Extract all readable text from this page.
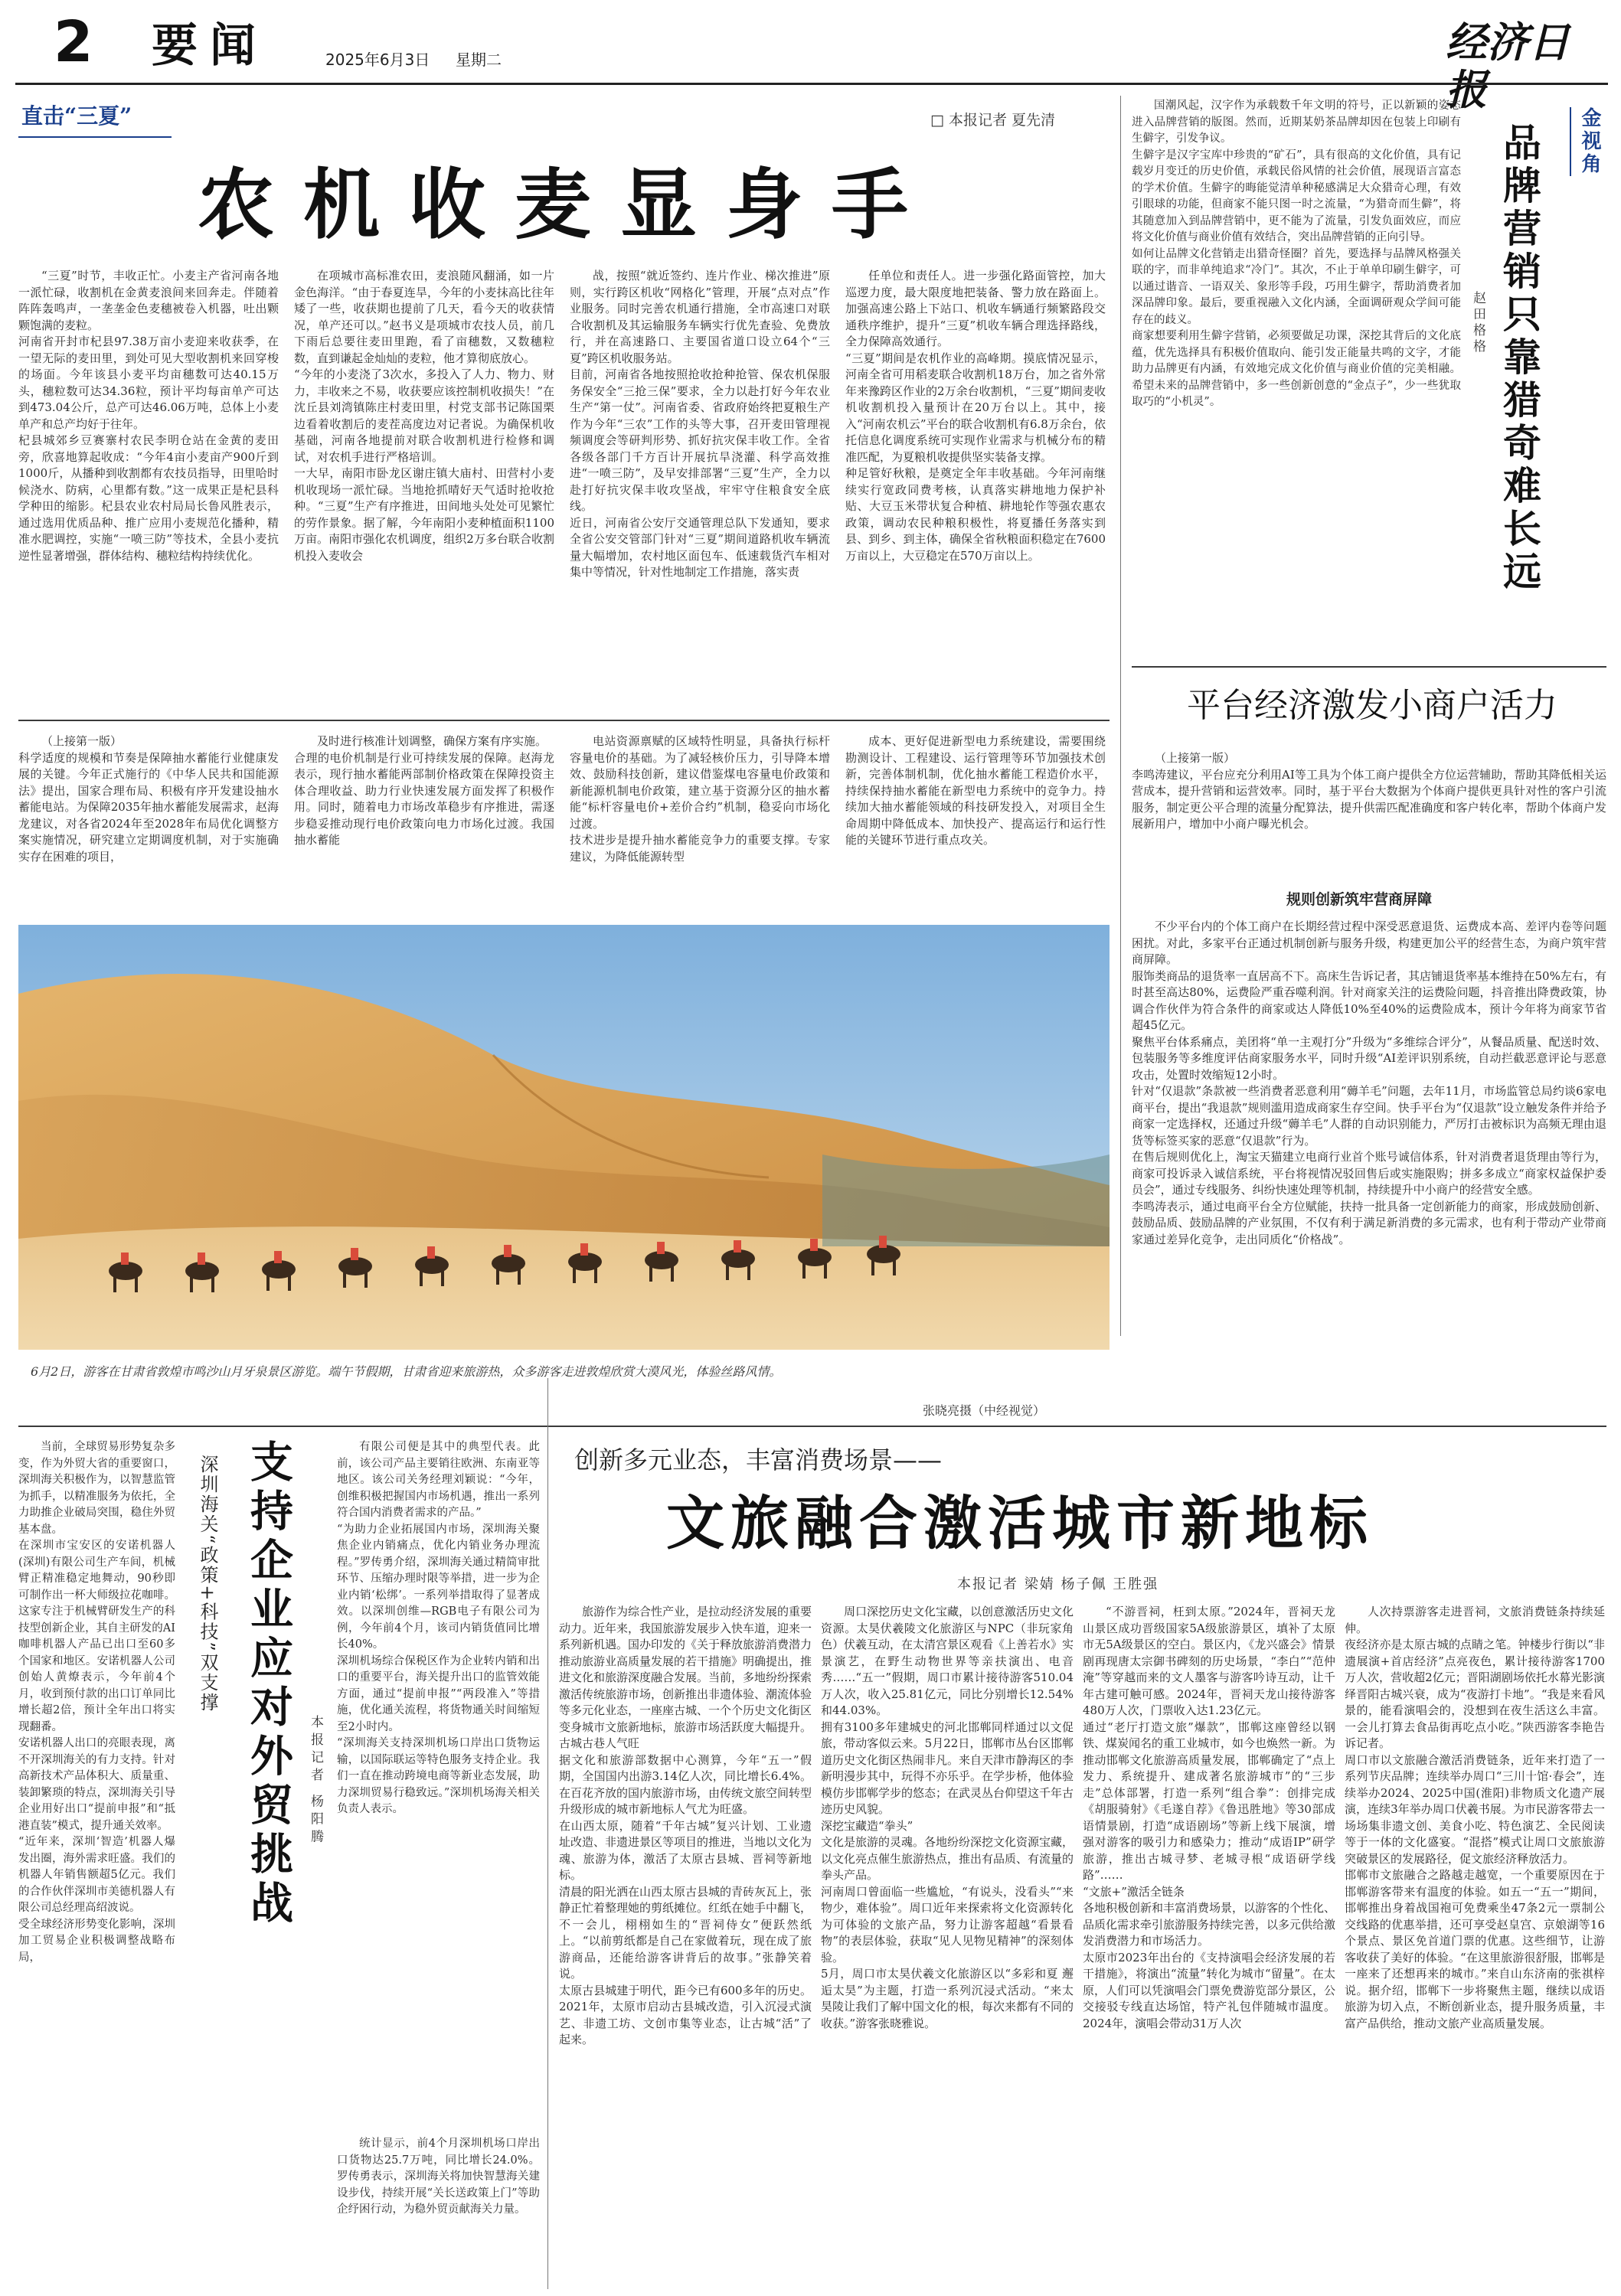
2 要闻	2025年6月3日 星期二	经济日报
直击“三夏”	□ 本报记者 夏先清
农机收麦显身手
“三夏”时节，丰收正忙。小麦主产省河南各地一派忙碌，收割机在金黄麦浪间来回奔走。伴随着阵阵轰鸣声，一垄垄金色麦穗被卷入机器，吐出颗颗饱满的麦粒。
河南省开封市杞县97.38万亩小麦迎来收获季，在一望无际的麦田里，到处可见大型收割机来回穿梭的场面。今年该县小麦平均亩穗数可达40.15万头，穗粒数可达34.36粒，预计平均每亩单产可达到473.04公斤，总产可达46.06万吨，总体上小麦单产和总产均好于往年。
杞县城郊乡豆赛寨村农民李明仓站在金黄的麦田旁，欣喜地算起收成：“今年4亩小麦亩产900斤到1000斤，从播种到收割都有农技员指导，田里哈时候浇水、防病，心里都有数。”这一成果正是杞县科学种田的缩影。杞县农业农村局局长鲁风胜表示，通过选用优质品种、推广应用小麦规范化播种，精准水肥调控，实施“一喷三防”等技术，全县小麦抗逆性显著增强，群体结构、穗粒结构持续优化。
在项城市高标准农田，麦浪随风翻涌，如一片金色海洋。“由于春夏连旱，今年的小麦抹高比往年矮了一些，收获期也提前了几天，看今天的收获情况，单产还可以。”赵书义是项城市农技人员，前几下雨后总要往麦田里跑，看了亩穗数，又数穗粒数，直到谦起金灿灿的麦粒，他才算彻底放心。
“今年的小麦浇了3次水，多投入了人力、物力、财力，丰收来之不易，收获要应该控制机收损失！”在沈丘县刘湾镇陈庄村麦田里，村党支部书记陈国栗边看着收割后的麦茬高度边对记者说。为确保机收基础，河南各地提前对联合收割机进行检修和调试，对农机手进行严格培训。
一大早，南阳市卧龙区谢庄镇大庙村、田营村小麦机收现场一派忙碌。当地抢抓晴好天气适时抢收抢种。“三夏”生产有序推进，田间地头处处可见繁忙的劳作景象。据了解，今年南阳小麦种植面积1100万亩。南阳市强化农机调度，组织2万多台联合收割机投入麦收会
战，按照“就近签约、连片作业、梯次推进”原则，实行跨区机收“网格化”管理，开展“点对点”作业服务。同时完善农机通行措施，全市高速口对联合收割机及其运输服务车辆实行优先查验、免费放行，并在高速路口、主要国省道口设立64个“三夏”跨区机收服务站。
目前，河南省各地按照抢收抢种抢管、保农机保服务保安全“三抢三保”要求，全力以赴打好今年农业生产“第一仗”。河南省委、省政府始终把夏粮生产作为今年“三农”工作的头等大事，召开麦田管理视频调度会等研判形势、抓好抗灾保丰收工作。全省各级各部门千方百计开展抗旱浇灌、科学高效推进“一喷三防”，及早安排部署“三夏”生产，全力以赴打好抗灾保丰收攻坚战，牢牢守住粮食安全底线。
近日，河南省公安厅交通管理总队下发通知，要求全省公安交管部门针对“三夏”期间道路机收车辆流量大幅增加，农村地区面包车、低速载货汽车相对集中等情况，针对性地制定工作措施，落实责
任单位和责任人。进一步强化路面管控，加大巡逻力度，最大限度地把装备、警力放在路面上。加强高速公路上下站口、机收车辆通行频繁路段交通秩序维护，提升“三夏”机收车辆合理选择路线，全力保障高效通行。
“三夏”期间是农机作业的高峰期。摸底情况显示，河南全省可用稻麦联合收割机18万台，加之省外常年来豫跨区作业的2万余台收割机，“三夏”期间麦收机收割机投入量预计在20万台以上。其中，接入“河南农机云”平台的联合收割机有6.8万余台，依托信息化调度系统可实现作业需求与机械分布的精准匹配，为夏粮机收提供坚实装备支撑。
种足管好秋粮，是奠定全年丰收基础。今年河南继续实行宽政同费考核，认真落实耕地地力保护补贴、大豆玉米带状复合种植、耕地轮作等强农惠农政策，调动农民种粮积极性，将夏播任务落实到县、到乡、到主体，确保全省秋粮面积稳定在7600万亩以上，大豆稳定在570万亩以上。
（上接第一版）
科学适度的规模和节奏是保障抽水蓄能行业健康发展的关键。今年正式施行的《中华人民共和国能源法》提出，国家合理布局、积极有序开发建设抽水蓄能电站。为保障2035年抽水蓄能发展需求，赵海龙建议，对各省2024年至2028年布局优化调整方案实施情况，研究建立定期调度机制，对于实施确实存在困难的项目，
及时进行核准计划调整，确保方案有序实施。
合理的电价机制是行业可持续发展的保障。赵海龙表示，现行抽水蓄能两部制价格政策在保障投资主体合理收益、助力行业快速发展方面发挥了积极作用。同时，随着电力市场改革稳步有序推进，需逐步稳妥推动现行电价政策向电力市场化过渡。我国抽水蓄能
电站资源禀赋的区域特性明显，具备执行标杆容量电价的基础。为了减轻核价压力，引导降本增效、鼓励科技创新，建议借鉴煤电容量电价政策和新能源机制电价政策，建立基于资源分区的抽水蓄能“标杆容量电价+差价合约”机制，稳妥向市场化过渡。
技术进步是提升抽水蓄能竞争力的重要支撑。专家建议，为降低能源转型
成本、更好促进新型电力系统建设，需要围绕勘测设计、工程建设、运行管理等环节加强技术创新，完善体制机制，优化抽水蓄能工程造价水平，持续保持抽水蓄能在新型电力系统中的竞争力。持续加大抽水蓄能领域的科技研发投入，对项目全生命周期中降低成本、加快投产、提高运行和运行性能的关键环节进行重点攻关。
6月2日，游客在甘肃省敦煌市鸣沙山月牙泉景区游览。端午节假期，甘肃省迎来旅游热，众多游客走进敦煌欣赏大漠风光，体验丝路风情。
张晓亮摄（中经视觉）
国潮风起，汉字作为承载数千年文明的符号，正以新颖的姿态进入品牌营销的版图。然而，近期某奶茶品牌却因在包装上印刷有生僻字，引发争议。
生僻字是汉字宝库中珍贵的“矿石”，具有很高的文化价值，具有记载岁月变迁的历史价值，承载民俗风情的社会价值，展现语言富态的学术价值。生僻字的晦能觉清单种秘感满足大众猎奇心理，有效引眼球的功能，但商家不能只图一时之流量，“为猎奇而生僻”，将其随意加入到品牌营销中，更不能为了流量，引发负面效应，而应将文化价值与商业价值有效结合，突出品牌营销的正向引导。
如何让品牌文化营销走出猎奇怪圈？首先，要选择与品牌风格强关联的字，而非单纯追求“冷门”。其次，不止于单单印刷生僻字，可以通过谐音、一语双关、象形等手段，巧用生僻字，帮助消费者加深品牌印象。最后，要重视融入文化内涵，全面调研观众学间可能存在的歧义。
商家想要利用生僻字营销，必须要做足功课，深挖其背后的文化底蕴，优先选择具有积极价值取向、能引发正能量共鸣的文字，才能助力品牌更有内涵，有效地完成文化价值与商业价值的完美相融。希望未来的品牌营销中，多一些创新创意的“金点子”，少一些犹取取巧的“小机灵”。
金视角
品牌营销只靠猎奇难长远
赵田格格
平台经济激发小商户活力
（上接第一版）
李鸣涛建议，平台应充分利用AI等工具为个体工商户提供全方位运营辅助，帮助其降低相关运营成本，提升营销和运营效率。同时，基于平台大数据为个体商户提供更具针对性的客户引流服务，制定更公平合理的流量分配算法，提升供需匹配准确度和客户转化率，帮助个体商户发展新用户，增加中小商户曝光机会。
规则创新筑牢营商屏障
不少平台内的个体工商户在长期经营过程中深受恶意退货、运费成本高、差评内卷等问题困扰。对此，多家平台正通过机制创新与服务升级，构建更加公平的经营生态，为商户筑牢营商屏障。
服饰类商品的退货率一直居高不下。高床生告诉记者，其店铺退货率基本维持在50%左右，有时甚至高达80%，运费险严重吞噬利润。针对商家关注的运费险问题，抖音推出降费政策，协调合作伙伴为符合条件的商家或达人降低10%至40%的运费险成本，预计今年将为商家节省超45亿元。
聚焦平台体系痛点，美团将“单一主观打分”升级为“多维综合评分”，从餐品质量、配送时效、包装服务等多维度评估商家服务水平，同时升级“AI差评识别系统，自动拦截恶意评论与恶意攻击，处置时效缩短12小时。
针对“仅退款”条款被一些消费者恶意利用“薅羊毛”问题，去年11月，市场监管总局约谈6家电商平台，提出“我退款”规则滥用造成商家生存空间。快手平台为“仅退款”设立触发条件并给予商家一定选择权，还通过升级“薅羊毛”人群的自动识别能力，严厉打击被标识为高频无理由退货等标签买家的恶意“仅退款”行为。
在售后规则优化上，淘宝天猫建立电商行业首个账号诚信体系，针对消费者退货理由等行为，商家可投诉录入诚信系统，平台将视情况驳回售后或实施限购；拼多多成立“商家权益保护委员会”，通过专线服务、纠纷快速处理等机制，持续提升中小商户的经营安全感。
李鸣涛表示，通过电商平台全方位赋能，扶持一批具备一定创新能力的商家，形成鼓励创新、鼓励品质、鼓励品牌的产业氛围，不仅有利于满足新消费的多元需求，也有利于带动产业带商家通过差异化竞争，走出同质化“价格战”。
当前，全球贸易形势复杂多变，作为外贸大省的重要窗口，深圳海关积极作为，以智慧监管为抓手，以精准服务为依托，全力助推企业破局突围，稳住外贸基本盘。
在深圳市宝安区的安诺机器人(深圳)有限公司生产车间，机械臂正精准稳定地舞动，90秒即可制作出一杯大师级拉花咖啡。这家专注于机械臂研发生产的科技型创新企业，其自主研发的AI咖啡机器人产品已出口至60多个国家和地区。安诺机器人公司创始人黄燎表示，今年前4个月，收到预付款的出口订单同比增长超2倍，预计全年出口将实现翻番。
安诺机器人出口的亮眼表现，离不开深圳海关的有力支持。针对高新技术产品体积大、质量重、装卸繁琐的特点，深圳海关引导企业用好出口“提前申报”和“抵港直装”模式，提升通关效率。
“近年来，深圳‘智造’机器人爆发出圈，海外需求旺盛。我们的机器人年销售额超5亿元。我们的合作伙伴深圳市美德机器人有限公司总经理高绍波说。
受全球经济形势变化影响，深圳加工贸易企业积极调整战略布局，
深圳海关“政策+科技”双支撑 支持企业应对外贸挑战	本报记者 杨阳腾
有限公司便是其中的典型代表。此前，该公司产品主要销往欧洲、东南亚等地区。该公司关务经理刘颖说：“今年，创维积极把握国内市场机遇，推出一系列符合国内消费者需求的产品。”
“为助力企业拓展国内市场，深圳海关聚焦企业内销痛点，优化内销业务办理流程。”罗传勇介绍，深圳海关通过精简审批环节、压缩办理时限等举措，进一步为企业内销‘松绑’。一系列举措取得了显著成效。以深圳创维—RGB电子有限公司为例，今年前4个月，该司内销货值同比增长40%。
深圳机场综合保税区作为企业转内销和出口的重要平台，海关提升出口的监管效能方面，通过“提前申报”“两段准入”等措施，优化通关流程，将货物通关时间缩短至2小时内。
“深圳海关支持深圳机场口岸出口货物运输，以国际联运等特色服务支持企业。我们一直在推动跨境电商等新业态发展，助力深圳贸易行稳致远。”深圳机场海关相关负责人表示。
统计显示，前4个月深圳机场口岸出口货物达25.7万吨，同比增长24.0%。罗传勇表示，深圳海关将加快智慧海关建设步伐，持续开展“关长送政策上门”等助企纾困行动，为稳外贸贡献海关力量。
创新多元业态，丰富消费场景——
文旅融合激活城市新地标
本报记者 梁婧 杨子佩 王胜强
旅游作为综合性产业，是拉动经济发展的重要动力。近年来，我国旅游发展步入快车道，迎来一系列新机遇。国办印发的《关于释放旅游消费潜力推动旅游业高质量发展的若干措施》明确提出，推进文化和旅游深度融合发展。当前，多地纷纷探索激活传统旅游市场，创新推出非遗体验、潮流体验等多元化业态，一座座古城、一个个历史文化街区变身城市文旅新地标，旅游市场活跃度大幅提升。
古城古巷人气旺
据文化和旅游部数据中心测算，今年“五一”假期，全国国内出游3.14亿人次，同比增长6.4%。在百花齐放的国内旅游市场，由传统文旅空间转型升级形成的城市新地标人气尤为旺盛。
在山西太原，随着“千年古城”复兴计划、工业遗址改造、非遗进景区等项目的推进，当地以文化为魂、旅游为体，激活了太原古县城、晋祠等新地标。
清晨的阳光洒在山西太原古县城的青砖灰瓦上，张静正忙着整理她的剪纸摊位。红纸在她手中翻飞，不一会儿，栩栩如生的“晋祠侍女”便跃然纸上。“以前剪纸都是自己在家做着玩，现在成了旅游商品，还能给游客讲背后的故事。”张静笑着说。
太原古县城建于明代，距今已有600多年的历史。2021年，太原市启动古县城改造，引入沉浸式演艺、非遗工坊、文创市集等业态，让古城“活”了起来。
周口深挖历史文化宝藏，以创意激活历史文化资源。太昊伏羲陵文化旅游区与NPC（非玩家角色）伏羲互动，在太清宫景区观看《上善若水》实景演艺，在野生动物世界等亲扶演出、电音秀……“五一”假期，周口市累计接待游客510.04万人次，收入25.81亿元，同比分别增长12.54%和44.03%。
拥有3100多年建城史的河北邯郸同样通过以文促旅，带动客似云来。5月22日，邯郸市丛台区邯郸道历史文化街区热闹非凡。来自天津市静海区的李新明漫步其中，玩得不亦乐乎。在学步桥，他体验模仿步邯郸学步的悠态；在武灵丛台仰望这千年古迹历史风貌。
深挖宝藏造“拳头”
文化是旅游的灵魂。各地纷纷深挖文化资源宝藏，以文化亮点催生旅游热点，推出有品质、有流量的拳头产品。
河南周口曾面临一些尴尬，“有说头，没看头”“来物少，难体验”。周口近年来探索将文化资源转化为可体验的文旅产品，努力让游客超越“看景看物”的表层体验，获取“见人见物见精神”的深刻体验。
5月，周口市太昊伏羲文化旅游区以“多彩和夏 邂逅太昊”为主题，打造一系列沉浸式活动。“来太昊陵让我们了解中国文化的根，每次来都有不同的收获。”游客张晓雅说。
“不游晋祠，枉到太原。”2024年，晋祠天龙山景区成功晋级国家5A级旅游景区，填补了太原市无5A级景区的空白。景区内，《龙兴盛会》情景剧再现唐太宗御书碑刻的历史场景，“李白”“范仲淹”等穿越而来的文人墨客与游客吟诗互动，让千年古建可触可感。2024年，晋祠天龙山接待游客480万人次，门票收入达1.23亿元。
通过“老厅打造文旅”爆款”，邯郸这座曾经以钢铁、煤炭闻名的重工业城市，如今也焕然一新。为推动邯郸文化旅游高质量发展，邯郸确定了“点上发力、系统提升、建成著名旅游城市”的“三步走”总体部署，打造一系列“组合拳”：创排完成《胡服骑射》《毛遂自荐》《鲁迅胜地》等30部成语情景剧，打造“成语剧场”等新上线下展演，增强对游客的吸引力和感染力；推动“成语IP”研学旅游，推出古城寻梦、老城寻根“成语研学线路”……
“文旅+”激活全链条
各地积极创新和丰富消费场景，以游客的个性化、品质化需求牵引旅游服务持续完善，以多元供给激发消费潜力和市场活力。
太原市2023年出台的《支持演唱会经济发展的若干措施》，将演出“流量”转化为城市“留量”。在太原，人们可以凭演唱会门票免费游览部分景区，公交接驳专线直达场馆，特产礼包伴随城市温度。2024年，演唱会带动31万人次
人次持票游客走进晋祠，文旅消费链条持续延伸。
夜经济亦是太原古城的点睛之笔。钟楼步行街以“非遗展演+首店经济”点亮夜色，累计接待游客1700万人次，营收超2亿元；晋阳湖剧场依托水幕光影演绎晋阳古城兴衰，成为“夜游打卡地”。“我是来看风景的，能看演唱会的，没想到在夜生活这么丰富。一会儿打算去食品街再吃点小吃。”陕西游客李艳告诉记者。
周口市以文旅融合激活消费链条，近年来打造了一系列节庆品牌；连续举办周口“三川十馆·春会”，连续举办2024、2025中国(淮阳)非物质文化遗产展演，连续3年举办周口伏羲书展。为市民游客带去一场场集非遗文创、美食小吃、特色演艺、全民阅读等于一体的文化盛宴。“混搭”模式让周口文旅旅游突破景区的发展路径，促文旅经济释放活力。
邯郸市文旅融合之路越走越宽，一个重要原因在于邯郸游客带来有温度的体验。如五一“五一”期间，邯郸推出身着战国袍可免费乘坐47条2元一票制公交线路的优惠举措，还可享受赵皇宫、京娘湖等16个景点、景区免首道门票的优惠。这些细节，让游客收获了美好的体验。“在这里旅游很舒服，邯郸是一座来了还想再来的城市。”来自山东济南的张祺梓说。据介绍，邯郸下一步将聚焦主题，继续以成语旅游为切入点，不断创新业态，提升服务质量，丰富产品供给，推动文旅产业高质量发展。
